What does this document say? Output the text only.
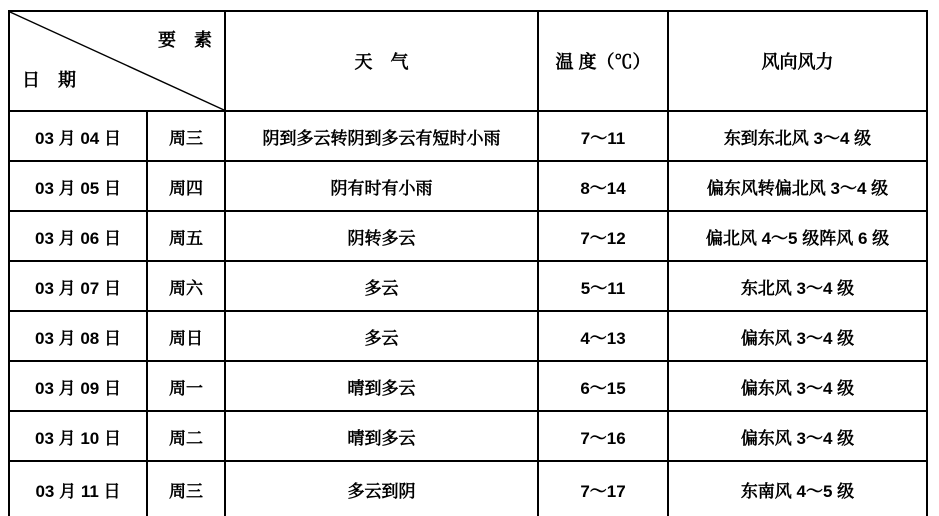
要　素
日　期		天　气	温 度（℃）	风向风力
03 月 04 日	周三	阴到多云转阴到多云有短时小雨	7～11	东到东北风 3～4 级
03 月 05 日	周四	阴有时有小雨	8～14	偏东风转偏北风 3～4 级
03 月 06 日	周五	阴转多云	7～12	偏北风 4～5 级阵风 6 级
03 月 07 日	周六	多云	5～11	东北风 3～4 级
03 月 08 日	周日	多云	4～13	偏东风 3～4 级
03 月 09 日	周一	晴到多云	6～15	偏东风 3～4 级
03 月 10 日	周二	晴到多云	7～16	偏东风 3～4 级
03 月 11 日	周三	多云到阴	7～17	东南风 4～5 级
